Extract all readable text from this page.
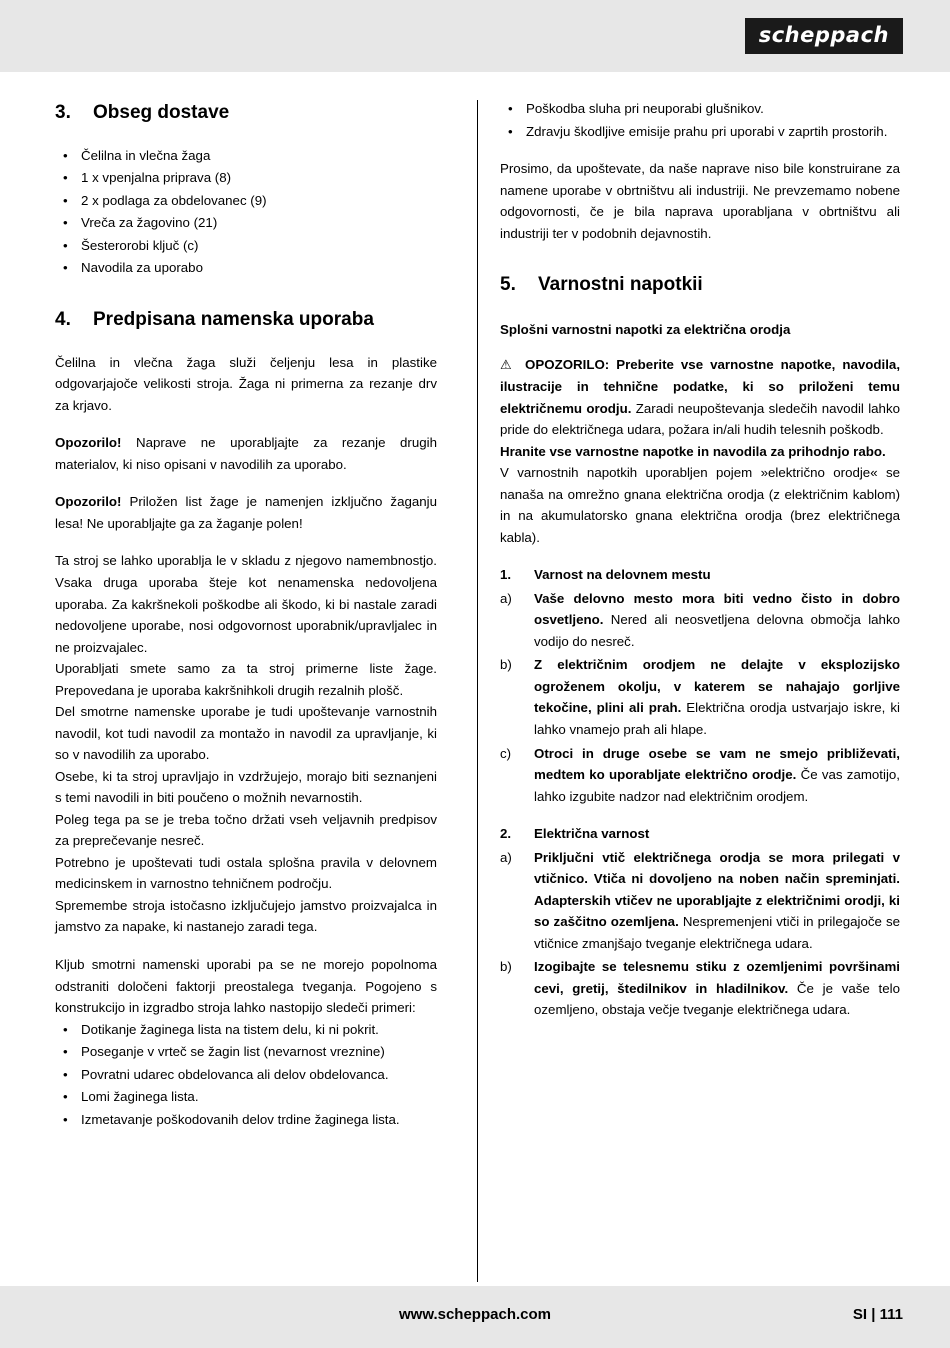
scheppach
3.	Obseg dostave
• Čelilna in vlečna žaga
• 1 x vpenjalna priprava (8)
• 2 x podlaga za obdelovanec (9)
• Vreča za žagovino (21)
• Šesterorobi ključ (c)
• Navodila za uporabo
4.	Predpisana namenska uporaba

Čelilna in vlečna žaga služi čeljenju lesa in plastike odgovarjajoče velikosti stroja. Žaga ni primerna za rezanje drv za krjavo.

Opozorilo! Naprave ne uporabljajte za rezanje drugih materialov, ki niso opisani v navodilih za uporabo.

Opozorilo! Priložen list žage je namenjen izključno žaganju lesa! Ne uporabljajte ga za žaganje polen!

Ta stroj se lahko uporablja le v skladu z njegovo namembnostjo. Vsaka druga uporaba šteje kot nenamenska nedovoljena uporaba. Za kakršnekoli poškodbe ali škodo, ki bi nastale zaradi nedovoljene uporabe, nosi odgovornost uporabnik/upravljalec in ne proizvajalec.

Uporabljati smete samo za ta stroj primerne liste žage. Prepovedana je uporaba kakršnihkoli drugih rezalnih plošč.

Del smotrne namenske uporabe je tudi upoštevanje varnostnih navodil, kot tudi navodil za montažo in navodil za upravljanje, ki so v navodilih za uporabo.

Osebe, ki ta stroj upravljajo in vzdržujejo, morajo biti seznanjeni s temi navodili in biti poučeno o možnih nevarnostih.

Poleg tega pa se je treba točno držati vseh veljavnih predpisov za preprečevanje nesreč.

Potrebno je upoštevati tudi ostala splošna pravila v delovnem medicinskem in varnostno tehničnem področju.

Spremembe stroja istočasno izključujejo jamstvo proizvajalca in jamstvo za napake, ki nastanejo zaradi tega.

Kljub smotrni namenski uporabi pa se ne morejo popolnoma odstraniti določeni faktorji preostalega tveganja. Pogojeno s konstrukcijo in izgradbo stroja lahko nastopijo sledeči primeri:

• Dotikanje žaginega lista na tistem delu, ki ni pokrit.
• Poseganje v vrteč se žagin list (nevarnost vreznine)
• Povratni udarec obdelovanca ali delov obdelovanca.
• Lomi žaginega lista.
• Izmetavanje poškodovanih delov trdine žaginega lista.
• Poškodba sluha pri neuporabi glušnikov.
• Zdravju škodljive emisije prahu pri uporabi v zaprtih prostorih.

Prosimo, da upoštevate, da naše naprave niso bile konstruirane za namene uporabe v obrtništvu ali industriji. Ne prevzemamo nobene odgovornosti, če je bila naprava uporabljana v obrtništvu ali industriji ter v podobnih dejavnostih.

5.	Varnostni napotkii
Splošni varnostni napotki za električna orodja

⚠ OPOZORILO: Preberite vse varnostne napotke, navodila, ilustracije in tehnične podatke, ki so priloženi temu električnemu orodju. Zaradi neupoštevanja sledečih navodil lahko pride do električnega udara, požara in/ali hudih telesnih poškodb.

Hranite vse varnostne napotke in navodila za prihodnjo rabo.

V varnostnih napotkih uporabljen pojem »električno orodje« se nanaša na omrežno gnana električna orodja (z električnim kablom) in na akumulatorsko gnana električna orodja (brez električnega kabla).

1.	Varnost na delovnem mestu
a)	Vaše delovno mesto mora biti vedno čisto in dobro osvetljeno. Nered ali neosvetljena delovna območja lahko vodijo do nesreč.
b)	Z električnim orodjem ne delajte v eksplozijsko ogroženem okolju, v katerem se nahajajo gorljive tekočine, plini ali prah. Električna orodja ustvarjajo iskre, ki lahko vnamejo prah ali hlape.
c)	Otroci in druge osebe se vam ne smejo približevati, medtem ko uporabljate električno orodje. Če vas zamotijo, lahko izgubite nadzor nad električnim orodjem.
2.	Električna varnost
a)	Priključni vtič električnega orodja se mora prilegati v vtičnico. Vtiča ni dovoljeno na noben način spreminjati. Adapterskih vtičev ne uporabljajte z električnimi orodji, ki so zaščitno ozemljena. Nespremenjeni vtiči in prilegajoče se vtičnice zmanjšajo tveganje električnega udara.
b)	Izogibajte se telesnemu stiku z ozemljenimi površinami cevi, gretij, štedilnikov in hladilnikov. Če je vaše telo ozemljeno, obstaja večje tveganje električnega udara.
www.scheppach.com	SI | 111
